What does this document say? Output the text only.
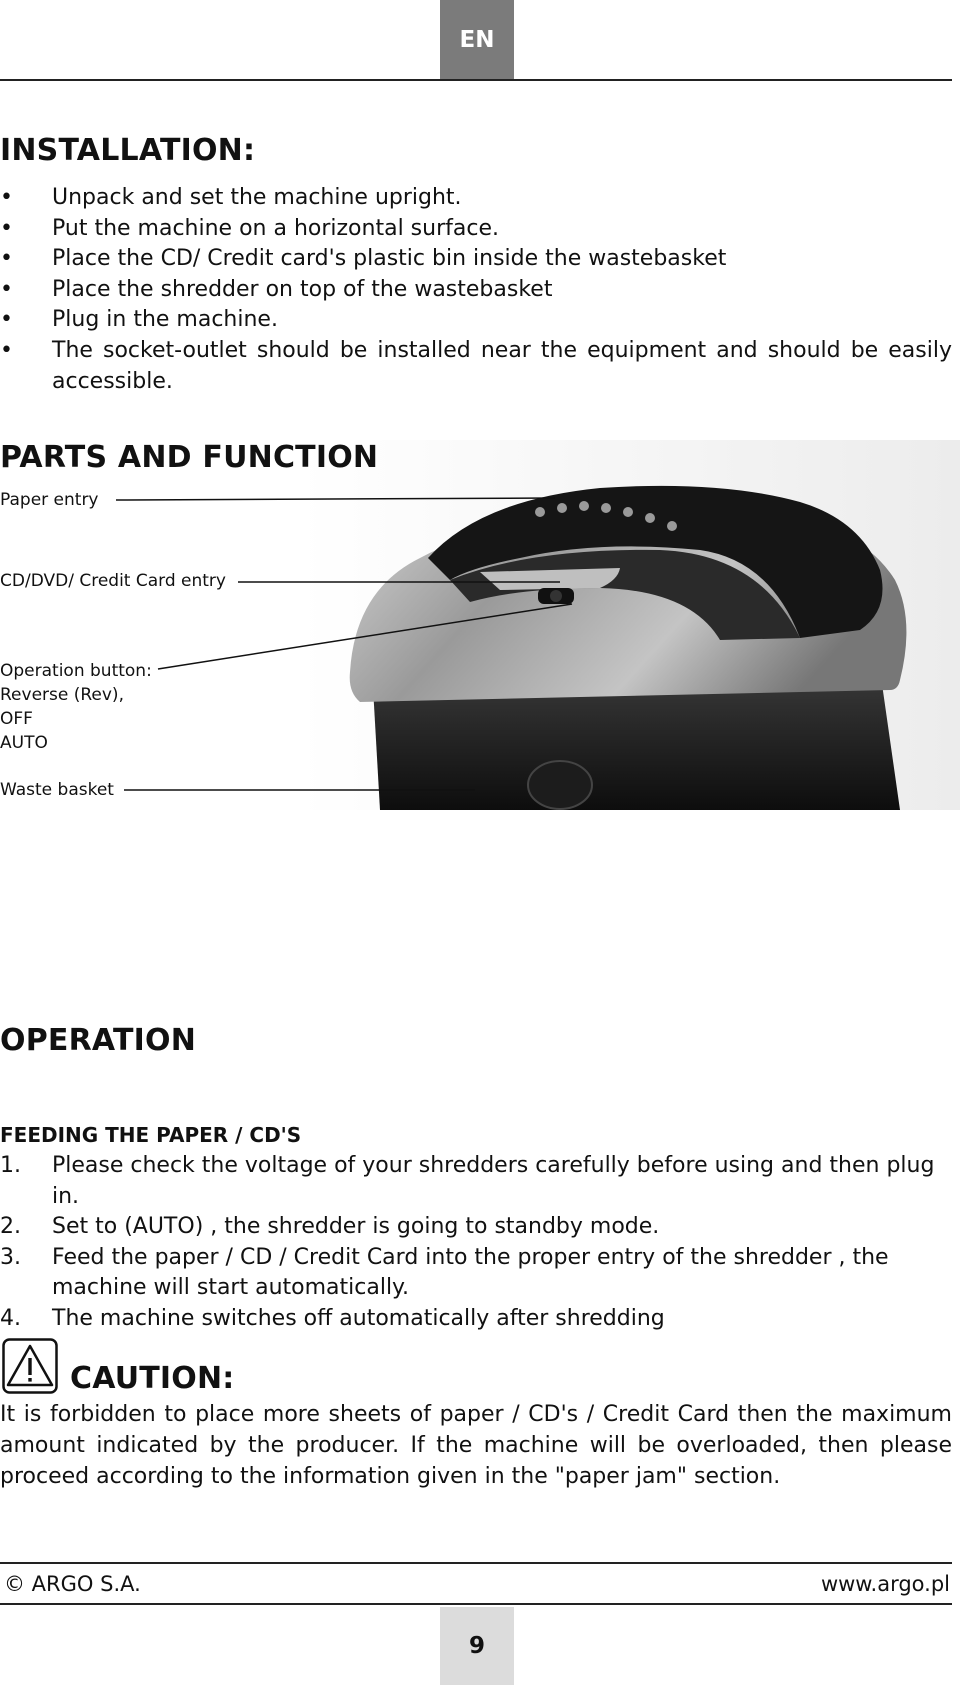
EN
INSTALLATION:
•	Unpack and set the machine upright.
•	Put the machine on a horizontal surface.
•	Place the CD/ Credit card's plastic bin inside the wastebasket
•	Place the shredder on top of the wastebasket
•	Plug in the machine.
•	The socket-outlet should be installed near the equipment and should be easily accessible.
PARTS AND FUNCTION
Paper entry
CD/DVD/ Credit Card entry
Operation button:
Reverse (Rev),
OFF
AUTO
Waste basket
OPERATION
FEEDING THE PAPER / CD'S
1.	Please check the voltage of your shredders carefully before using and then plug in.
2.	Set to (AUTO) , the shredder is going to standby mode.
3.	Feed the paper / CD / Credit Card into the proper entry of the shredder , the machine will start automatically.
4.	The machine switches off automatically after shredding
CAUTION:

It is forbidden to place more sheets of paper / CD's / Credit Card then the maximum amount indicated by the producer. If the machine will be overloaded, then please proceed according to the information given in the "paper jam" section.

© ARGO S.A.	www.argo.pl
9
